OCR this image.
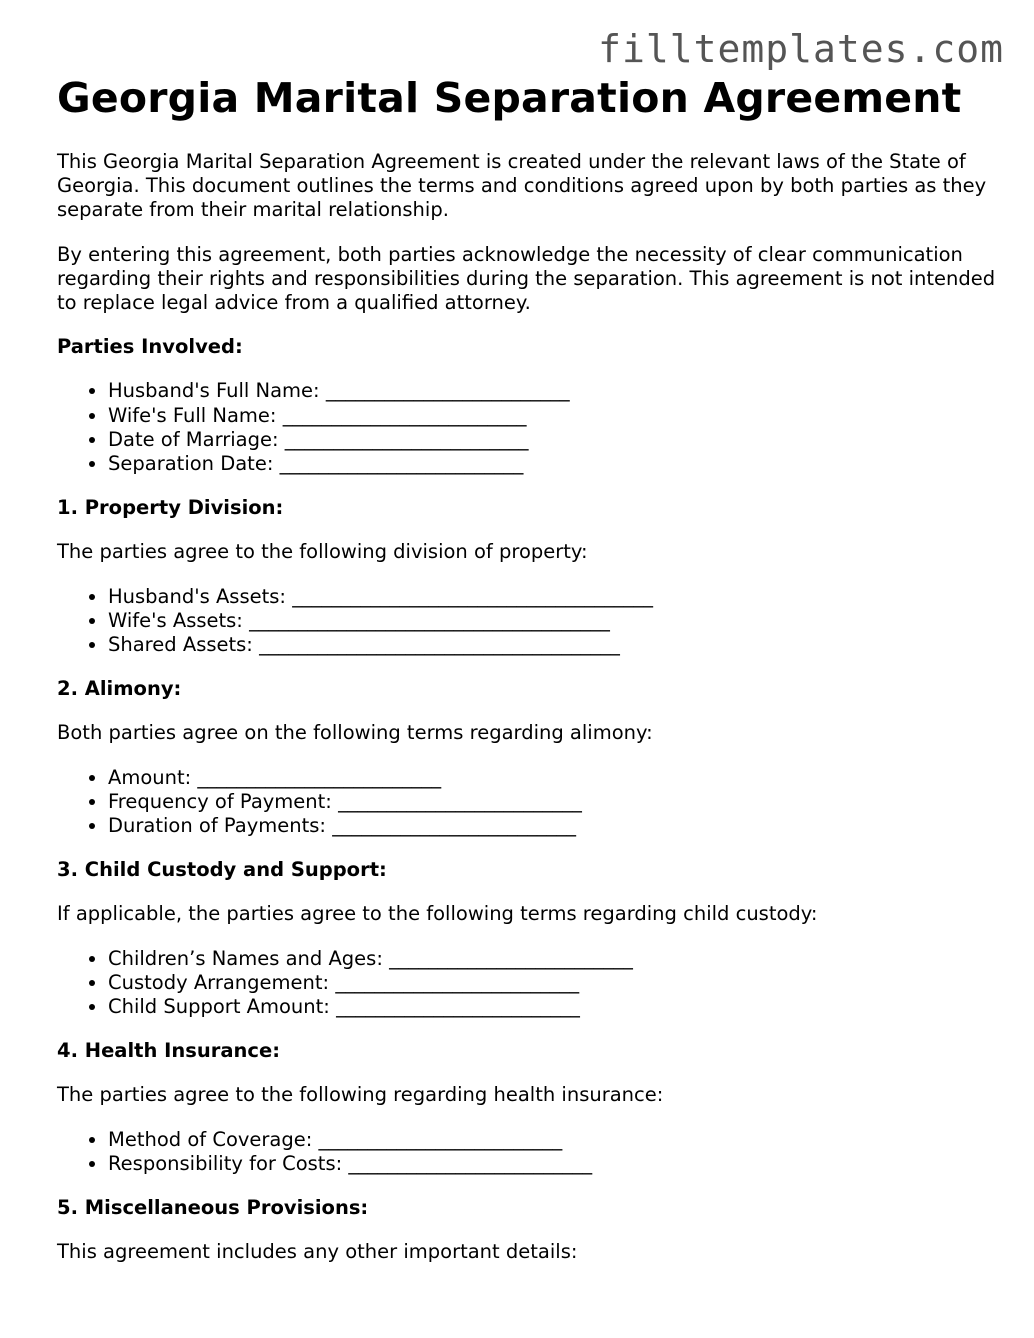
filltemplates.com
Georgia Marital Separation Agreement

This Georgia Marital Separation Agreement is created under the relevant laws of the State of Georgia. This document outlines the terms and conditions agreed upon by both parties as they separate from their marital relationship.

By entering this agreement, both parties acknowledge the necessity of clear communication regarding their rights and responsibilities during the separation. This agreement is not intended to replace legal advice from a qualified attorney.

Parties Involved:

• Husband's Full Name: _________________________
• Wife's Full Name: _________________________
• Date of Marriage: _________________________
• Separation Date: _________________________

1. Property Division:

The parties agree to the following division of property:

• Husband's Assets: _____________________________________
• Wife's Assets: _____________________________________
• Shared Assets: _____________________________________

2. Alimony:

Both parties agree on the following terms regarding alimony:

• Amount: _________________________
• Frequency of Payment: _________________________
• Duration of Payments: _________________________

3. Child Custody and Support:

If applicable, the parties agree to the following terms regarding child custody:

• Children’s Names and Ages: _________________________
• Custody Arrangement: _________________________
• Child Support Amount: _________________________

4. Health Insurance:

The parties agree to the following regarding health insurance:

• Method of Coverage: _________________________
• Responsibility for Costs: _________________________

5. Miscellaneous Provisions:

This agreement includes any other important details:
